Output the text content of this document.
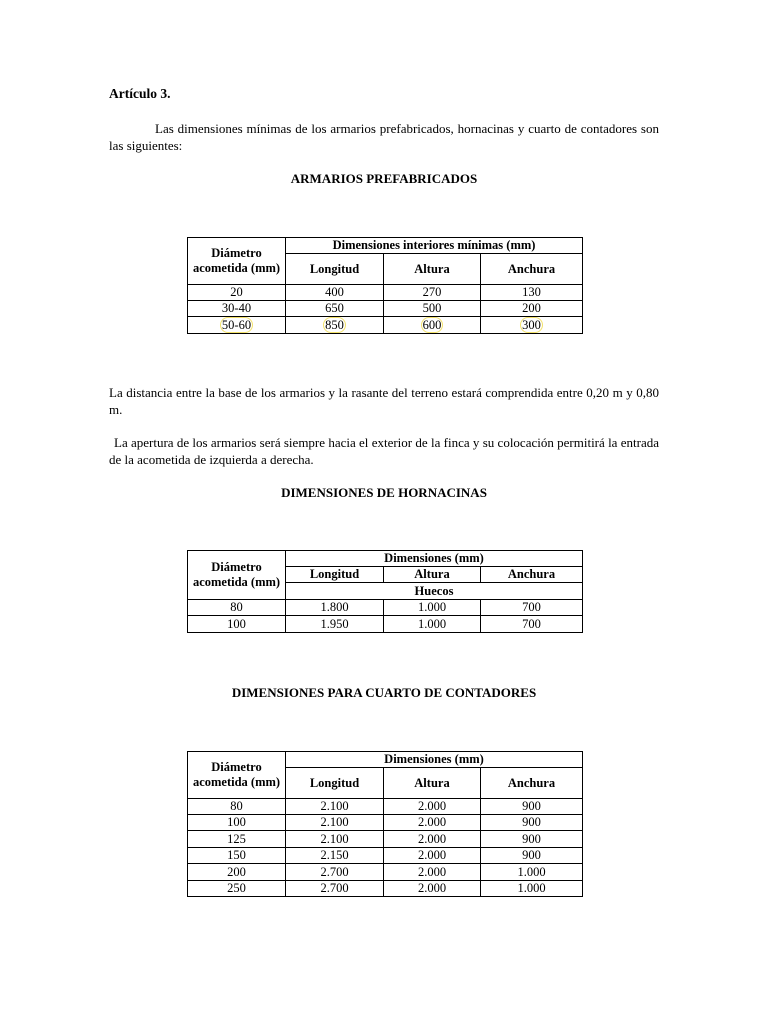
Artículo 3.
Las dimensiones mínimas de los armarios prefabricados, hornacinas y cuarto de contadores son las siguientes:
ARMARIOS PREFABRICADOS
Diámetro acometida (mm)	Dimensiones interiores mínimas (mm)		
	Longitud	Altura	Anchura
20	400	270	130
30-40	650	500	200
50-60	850	600	300
La distancia entre la base de los armarios y la rasante del terreno estará comprendida entre 0,20 m y 0,80 m.
La apertura de los armarios será siempre hacia el exterior de la finca y su colocación permitirá la entrada de la acometida de izquierda a derecha.
DIMENSIONES DE HORNACINAS
Diámetro acometida (mm)	Dimensiones (mm)		
	Longitud	Altura	Anchura
	Huecos		
80	1.800	1.000	700
100	1.950	1.000	700
DIMENSIONES PARA CUARTO DE CONTADORES
Diámetro acometida (mm)	Dimensiones (mm)		
	Longitud	Altura	Anchura
80	2.100	2.000	900
100	2.100	2.000	900
125	2.100	2.000	900
150	2.150	2.000	900
200	2.700	2.000	1.000
250	2.700	2.000	1.000
